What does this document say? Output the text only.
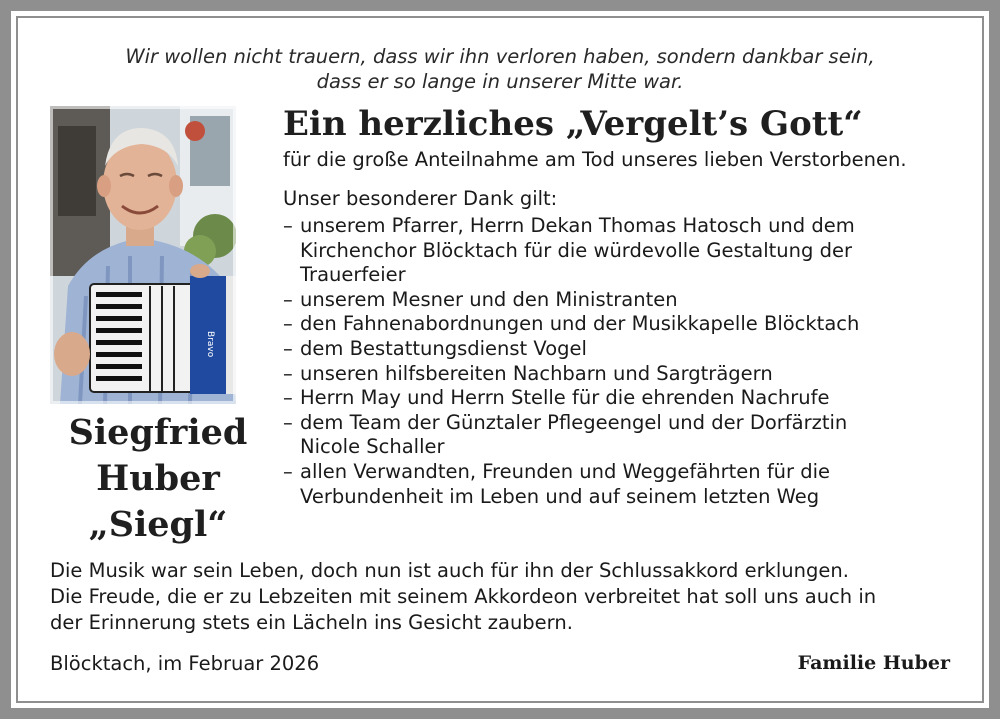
Wir wollen nicht trauern, dass wir ihn verloren haben, sondern dankbar sein,
dass er so lange in unserer Mitte war.
Bravo
Siegfried
Huber
„Siegl“
Ein herzliches „Vergelt’s Gott“
für die große Anteilnahme am Tod unseres lieben Verstorbenen.
Unser besonderer Dank gilt:
– unserem Pfarrer, Herrn Dekan Thomas Hatosch und dem
Kirchenchor Blöcktach für die würdevolle Gestaltung der
Trauerfeier
– unserem Mesner und den Ministranten
– den Fahnenabordnungen und der Musikkapelle Blöcktach
– dem Bestattungsdienst Vogel
– unseren hilfsbereiten Nachbarn und Sargträgern
– Herrn May und Herrn Stelle für die ehrenden Nachrufe
– dem Team der Günztaler Pflegeengel und der Dorfärztin
Nicole Schaller
– allen Verwandten, Freunden und Weggefährten für die
Verbundenheit im Leben und auf seinem letzten Weg

Die Musik war sein Leben, doch nun ist auch für ihn der Schlussakkord erklungen.
Die Freude, die er zu Lebzeiten mit seinem Akkordeon verbreitet hat soll uns auch in
der Erinnerung stets ein Lächeln ins Gesicht zaubern.

Blöcktach, im Februar 2026	Familie Huber
